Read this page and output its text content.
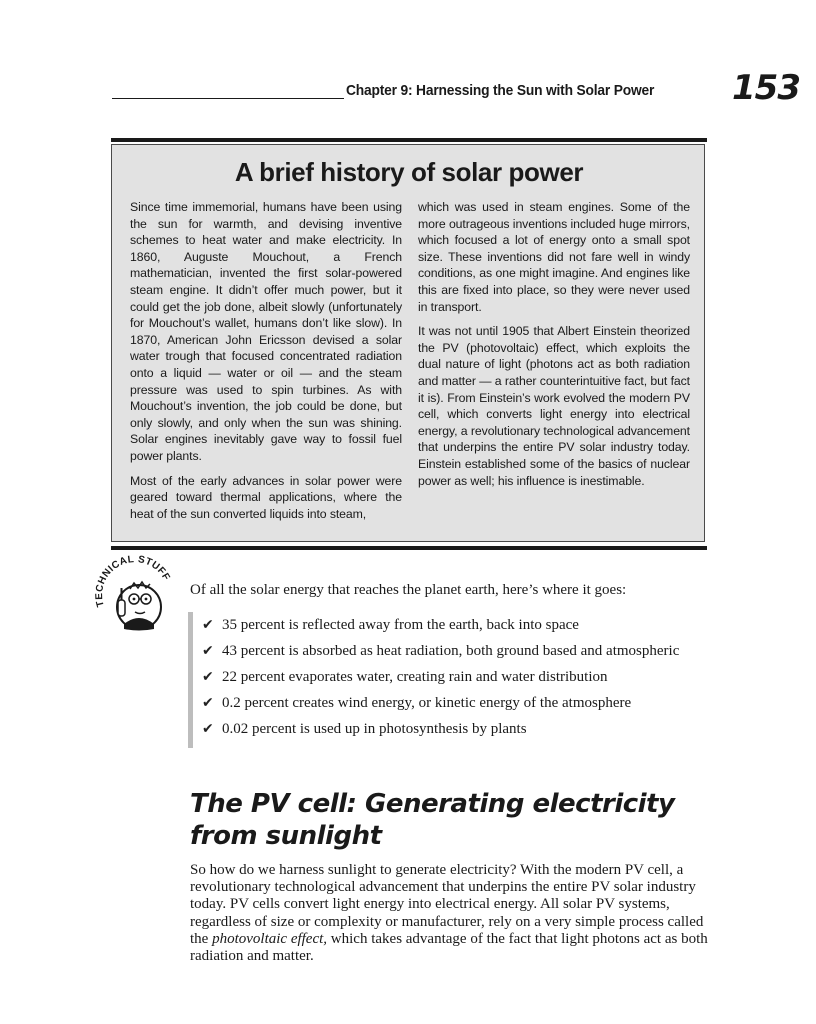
Chapter 9: Harnessing the Sun with Solar Power 153
A brief history of solar power

Since time immemorial, humans have been using the sun for warmth, and devising inventive schemes to heat water and make electricity. In 1860, Auguste Mouchout, a French mathematician, invented the first solar-powered steam engine. It didn’t offer much power, but it could get the job done, albeit slowly (unfortunately for Mouchout’s wallet, humans don’t like slow). In 1870, American John Ericsson devised a solar water trough that focused concentrated radiation onto a liquid — water or oil — and the steam pressure was used to spin turbines. As with Mouchout’s invention, the job could be done, but only slowly, and only when the sun was shining. Solar engines inevitably gave way to fossil fuel power plants.

Most of the early advances in solar power were geared toward thermal applications, where the heat of the sun converted liquids into steam,

which was used in steam engines. Some of the more outrageous inventions included huge mirrors, which focused a lot of energy onto a small spot size. These inventions did not fare well in windy conditions, as one might imagine. And engines like this are fixed into place, so they were never used in transport.

It was not until 1905 that Albert Einstein theorized the PV (photovoltaic) effect, which exploits the dual nature of light (photons act as both radiation and matter — a rather counterintuitive fact, but fact it is). From Einstein’s work evolved the modern PV cell, which converts light energy into electrical energy, a revolutionary technological advancement that underpins the entire PV solar industry today. Einstein established some of the basics of nuclear power as well; his influence is inestimable.

TECHNICAL STUFF
Of all the solar energy that reaches the planet earth, here’s where it goes:
✔ 35 percent is reflected away from the earth, back into space
✔ 43 percent is absorbed as heat radiation, both ground based and atmospheric
✔ 22 percent evaporates water, creating rain and water distribution
✔ 0.2 percent creates wind energy, or kinetic energy of the atmosphere
✔ 0.02 percent is used up in photosynthesis by plants
The PV cell: Generating electricity
from sunlight
So how do we harness sunlight to generate electricity? With the modern PV cell, a revolutionary technological advancement that underpins the entire PV solar industry today. PV cells convert light energy into electrical energy. All solar PV systems, regardless of size or complexity or manufacturer, rely on a very simple process called the photovoltaic effect, which takes advantage of the fact that light photons act as both radiation and matter.
